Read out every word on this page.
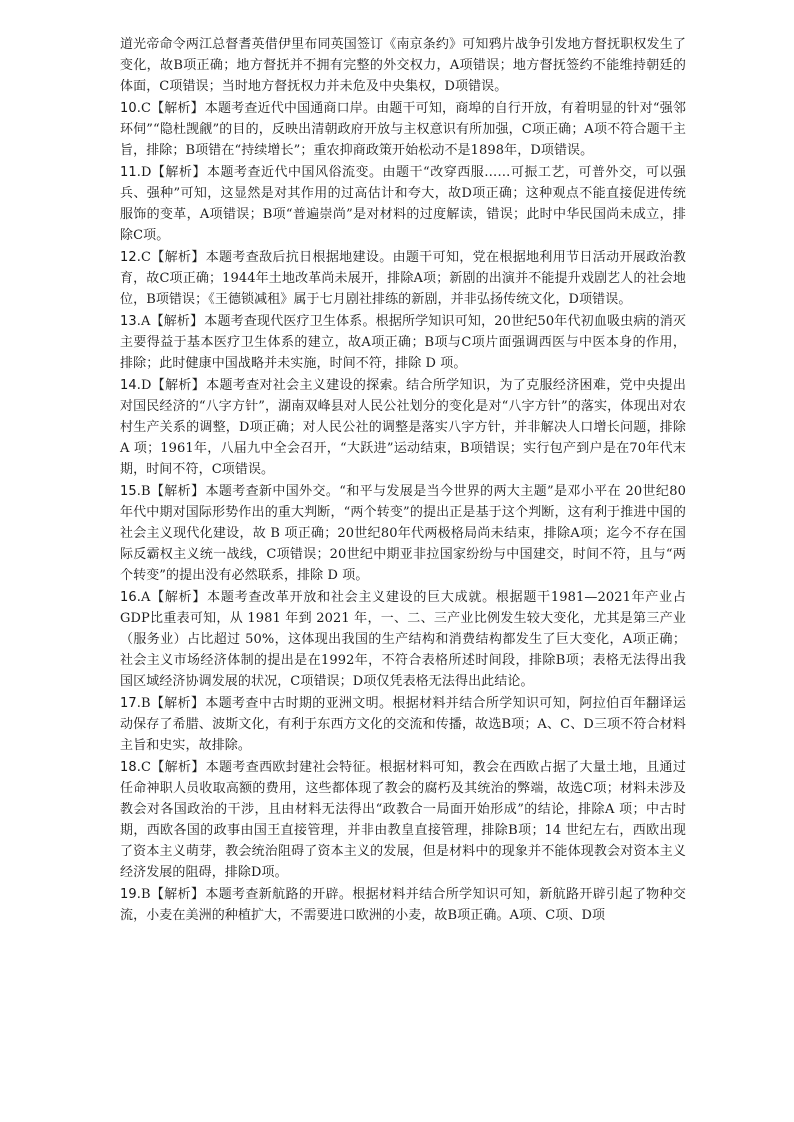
道光帝命令两江总督耆英借伊里布同英国签订《南京条约》可知鸦片战争引发地方督抚职权发生了变化，故B项正确；地方督抚并不拥有完整的外交权力，A项错误；地方督抚签约不能维持朝廷的体面，C项错误；当时地方督抚权力并未危及中央集权，D项错误。

10.C【解析】本题考查近代中国通商口岸。由题干可知，商埠的自行开放，有着明显的针对“强邻环伺”“隐杜觊觎”的目的，反映出清朝政府开放与主权意识有所加强，C项正确；A项不符合题干主旨，排除；B项错在“持续增长”；重农抑商政策开始松动不是1898年，D项错误。

11.D【解析】本题考查近代中国风俗流变。由题干“改穿西服……可振工艺，可普外交，可以强兵、强种”可知，这显然是对其作用的过高估计和夸大，故D项正确；这种观点不能直接促进传统服饰的变革，A项错误；B项“普遍崇尚”是对材料的过度解读，错误；此时中华民国尚未成立，排除C项。

12.C【解析】本题考查敌后抗日根据地建设。由题干可知，党在根据地利用节日活动开展政治教育，故C项正确；1944年土地改革尚未展开，排除A项；新剧的出演并不能提升戏剧艺人的社会地位，B项错误；《王德锁减租》属于七月剧社排练的新剧，并非弘扬传统文化，D项错误。

13.A【解析】本题考查现代医疗卫生体系。根据所学知识可知，20世纪50年代初血吸虫病的消灭主要得益于基本医疗卫生体系的建立，故A项正确；B项与C项片面强调西医与中医本身的作用，排除；此时健康中国战略并未实施，时间不符，排除 D 项。

14.D【解析】本题考查对社会主义建设的探索。结合所学知识，为了克服经济困难，党中央提出对国民经济的“八字方针”，湖南双峰县对人民公社划分的变化是对“八字方针”的落实，体现出对农村生产关系的调整，D项正确；对人民公社的调整是落实八字方针，并非解决人口增长问题，排除 A 项；1961年，八届九中全会召开，“大跃进”运动结束，B项错误；实行包产到户是在70年代末期，时间不符，C项错误。

15.B【解析】本题考查新中国外交。“和平与发展是当今世界的两大主题”是邓小平在 20世纪80年代中期对国际形势作出的重大判断，“两个转变”的提出正是基于这个判断，这有利于推进中国的社会主义现代化建设，故 B 项正确；20世纪80年代两极格局尚未结束，排除A项；迄今不存在国际反霸权主义统一战线，C项错误；20世纪中期亚非拉国家纷纷与中国建交，时间不符，且与“两个转变”的提出没有必然联系，排除 D 项。

16.A【解析】本题考查改革开放和社会主义建设的巨大成就。根据题干1981—2021年产业占GDP比重表可知，从 1981 年到 2021 年，一、二、三产业比例发生较大变化，尤其是第三产业（服务业）占比超过 50%，这体现出我国的生产结构和消费结构都发生了巨大变化，A项正确；社会主义市场经济体制的提出是在1992年，不符合表格所述时间段，排除B项；表格无法得出我国区域经济协调发展的状况，C项错误；D项仅凭表格无法得出此结论。

17.B【解析】本题考查中古时期的亚洲文明。根据材料并结合所学知识可知，阿拉伯百年翻译运动保存了希腊、波斯文化，有利于东西方文化的交流和传播，故选B项；A、C、D三项不符合材料主旨和史实，故排除。

18.C【解析】本题考查西欧封建社会特征。根据材料可知，教会在西欧占据了大量土地，且通过任命神职人员收取高额的费用，这些都体现了教会的腐朽及其统治的弊端，故选C项；材料未涉及教会对各国政治的干涉，且由材料无法得出“政教合一局面开始形成”的结论，排除A 项；中古时期，西欧各国的政事由国王直接管理，并非由教皇直接管理，排除B项；14 世纪左右，西欧出现了资本主义萌芽，教会统治阻碍了资本主义的发展，但是材料中的现象并不能体现教会对资本主义经济发展的阻碍，排除D项。

19.B【解析】本题考查新航路的开辟。根据材料并结合所学知识可知，新航路开辟引起了物种交流，小麦在美洲的种植扩大，不需要进口欧洲的小麦，故B项正确。A项、C项、D项
